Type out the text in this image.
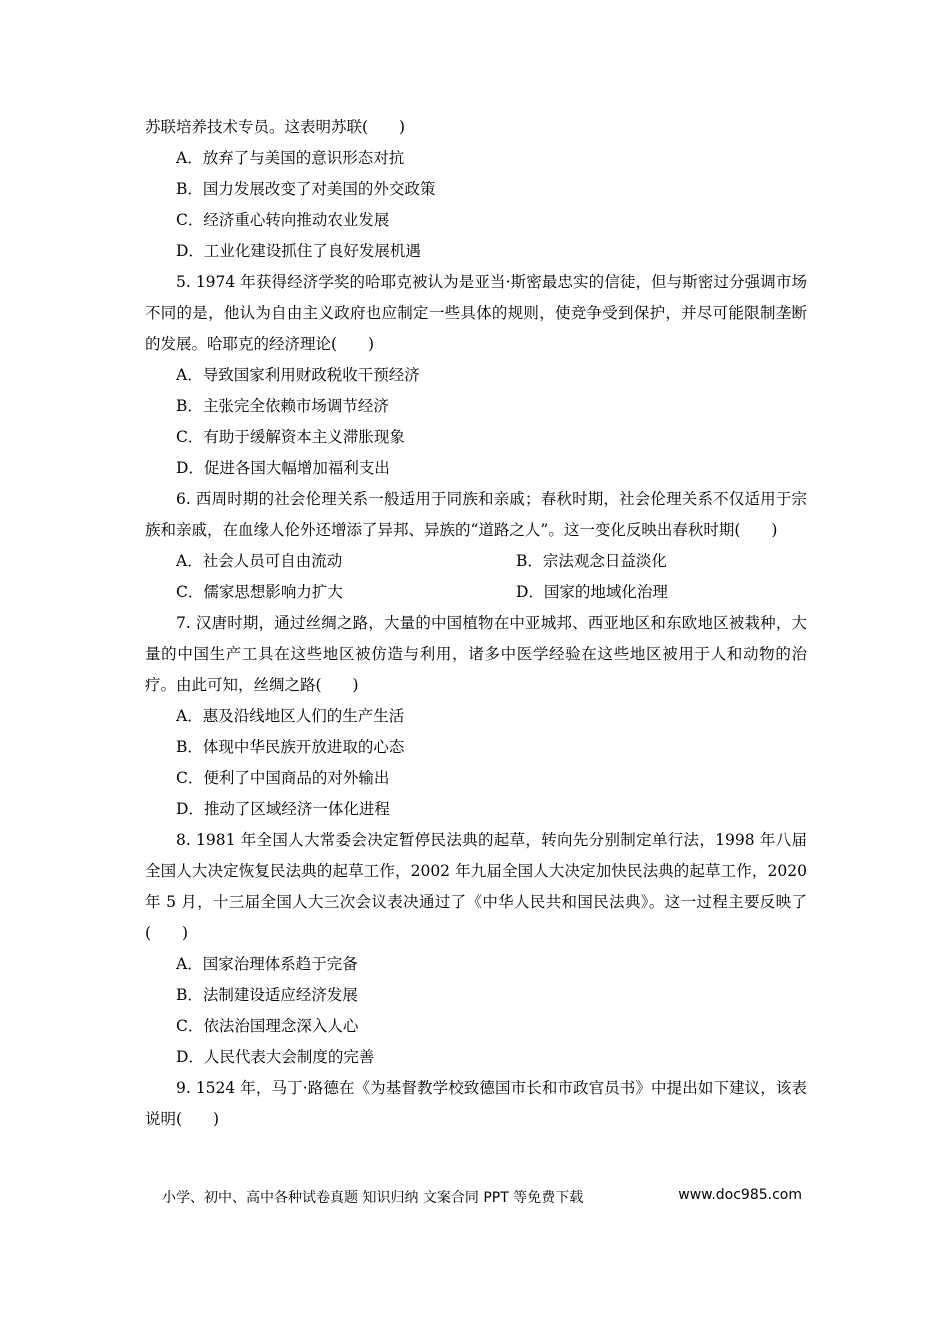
苏联培养技术专员。这表明苏联(　　)

A．放弃了与美国的意识形态对抗

B．国力发展改变了对美国的外交政策

C．经济重心转向推动农业发展

D．工业化建设抓住了良好发展机遇

5. 1974 年获得经济学奖的哈耶克被认为是亚当·斯密最忠实的信徒，但与斯密过分强调市场不同的是，他认为自由主义政府也应制定一些具体的规则，使竞争受到保护，并尽可能限制垄断的发展。哈耶克的经济理论(　　)

A．导致国家利用财政税收干预经济

B．主张完全依赖市场调节经济

C．有助于缓解资本主义滞胀现象

D．促进各国大幅增加福利支出

6. 西周时期的社会伦理关系一般适用于同族和亲戚；春秋时期，社会伦理关系不仅适用于宗族和亲戚，在血缘人伦外还增添了异邦、异族的“道路之人”。这一变化反映出春秋时期(　　)

A．社会人员可自由流动	B．宗法观念日益淡化
C．儒家思想影响力扩大	D．国家的地域化治理

7. 汉唐时期，通过丝绸之路，大量的中国植物在中亚城邦、西亚地区和东欧地区被栽种，大量的中国生产工具在这些地区被仿造与利用，诸多中医学经验在这些地区被用于人和动物的治疗。由此可知，丝绸之路(　　)

A．惠及沿线地区人们的生产生活

B．体现中华民族开放进取的心态

C．便利了中国商品的对外输出

D．推动了区域经济一体化进程

8. 1981 年全国人大常委会决定暂停民法典的起草，转向先分别制定单行法，1998 年八届全国人大决定恢复民法典的起草工作，2002 年九届全国人大决定加快民法典的起草工作，2020 年 5 月，十三届全国人大三次会议表决通过了《中华人民共和国民法典》。这一过程主要反映了(　　)

A．国家治理体系趋于完备

B．法制建设适应经济发展

C．依法治国理念深入人心

D．人民代表大会制度的完善

9. 1524 年，马丁·路德在《为基督教学校致德国市长和市政官员书》中提出如下建议，该表说明(　　)

小学、初中、高中各种试卷真题 知识归纳 文案合同 PPT 等免费下载	www.doc985.com
